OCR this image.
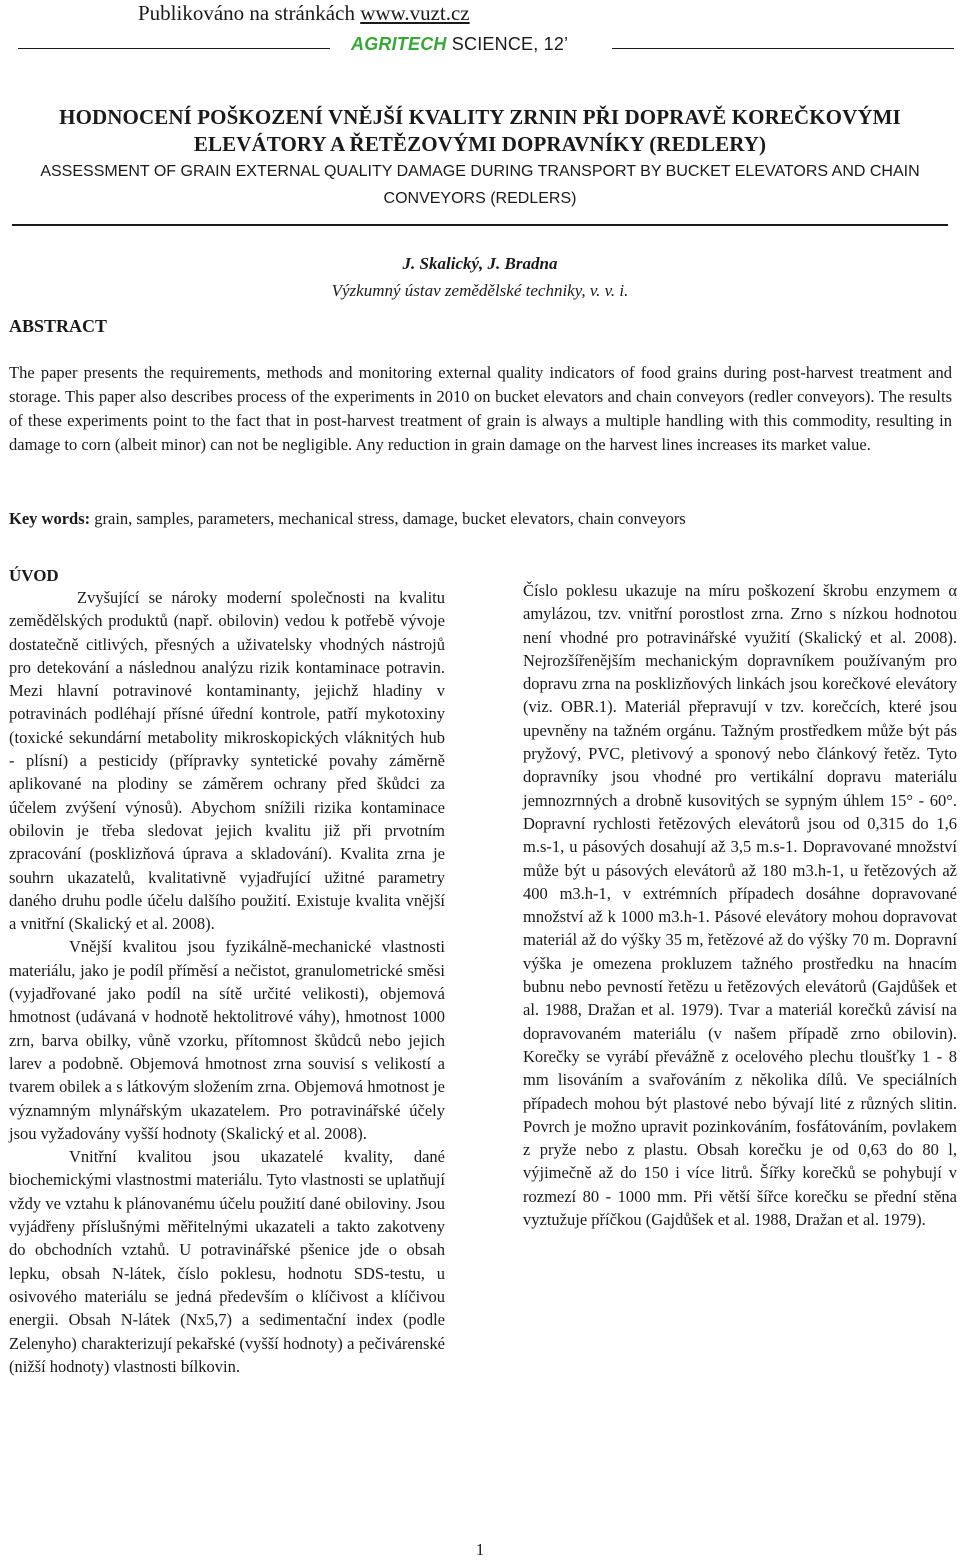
Publikováno na stránkách www.vuzt.cz
AGRITECH SCIENCE, 12’

HODNOCENÍ POŠKOZENÍ VNĚJŠÍ KVALITY ZRNIN PŘI DOPRAVĚ KOREČKOVÝMI

ELEVÁTORY A ŘETĚZOVÝMI DOPRAVNÍKY (REDLERY)

ASSESSMENT OF GRAIN EXTERNAL QUALITY DAMAGE DURING TRANSPORT BY BUCKET ELEVATORS AND CHAIN CONVEYORS (REDLERS)

J. Skalický, J. Bradna
Výzkumný ústav zemědělské techniky, v. v. i.
ABSTRACT

The paper presents the requirements, methods and monitoring external quality indicators of food grains during post-harvest treatment and storage. This paper also describes process of the experiments in 2010 on bucket elevators and chain conveyors (redler conveyors). The results of these experiments point to the fact that in post-harvest treatment of grain is always a multiple handling with this commodity, resulting in damage to corn (albeit minor) can not be negligible. Any reduction in grain damage on the harvest lines increases its market value.

Key words: grain, samples, parameters, mechanical stress, damage, bucket elevators, chain conveyors

ÚVOD

Zvyšující se nároky moderní společnosti na kvalitu zemědělských produktů (např. obilovin) vedou k potřebě vývoje dostatečně citlivých, přesných a uživatelsky vhodných nástrojů pro detekování a následnou analýzu rizik kontaminace potravin. Mezi hlavní potravinové kontaminanty, jejichž hladiny v potravinách podléhají přísné úřední kontrole, patří mykotoxiny (toxické sekundární metabolity mikroskopických vláknitých hub - plísní) a pesticidy (přípravky syntetické povahy záměrně aplikované na plodiny se záměrem ochrany před škůdci za účelem zvýšení výnosů). Abychom snížili rizika kontaminace obilovin je třeba sledovat jejich kvalitu již při prvotním zpracování (posklizňová úprava a skladování). Kvalita zrna je souhrn ukazatelů, kvalitativně vyjadřující užitné parametry daného druhu podle účelu dalšího použití. Existuje kvalita vnější a vnitřní (Skalický et al. 2008).

Vnější kvalitou jsou fyzikálně-mechanické vlastnosti materiálu, jako je podíl příměsí a nečistot, granulometrické směsi (vyjadřované jako podíl na sítě určité velikosti), objemová hmotnost (udávaná v hodnotě hektolitrové váhy), hmotnost 1000 zrn, barva obilky, vůně vzorku, přítomnost škůdců nebo jejich larev a podobně. Objemová hmotnost zrna souvisí s velikostí a tvarem obilek a s látkovým složením zrna. Objemová hmotnost je významným mlynářským ukazatelem. Pro potravinářské účely jsou vyžadovány vyšší hodnoty (Skalický et al. 2008).

Vnitřní kvalitou jsou ukazatelé kvality, dané biochemickými vlastnostmi materiálu. Tyto vlastnosti se uplatňují vždy ve vztahu k plánovanému účelu použití dané obiloviny. Jsou vyjádřeny příslušnými měřitelnými ukazateli a takto zakotveny do obchodních vztahů. U potravinářské pšenice jde o obsah lepku, obsah N-látek, číslo poklesu, hodnotu SDS-testu, u osivového materiálu se jedná především o klíčivost a klíčivou energii. Obsah N-látek (Nx5,7) a sedimentační index (podle Zelenyho) charakterizují pekařské (vyšší hodnoty) a pečivárenské (nižší hodnoty) vlastnosti bílkovin.

Číslo poklesu ukazuje na míru poškození škrobu enzymem α amylázou, tzv. vnitřní porostlost zrna. Zrno s nízkou hodnotou není vhodné pro potravinářské využití (Skalický et al. 2008). Nejrozšířenějším mechanickým dopravníkem používaným pro dopravu zrna na posklizňových linkách jsou korečkové elevátory (viz. OBR.1). Materiál přepravují v tzv. korečcích, které jsou upevněny na tažném orgánu. Tažným prostředkem může být pás pryžový, PVC, pletivový a sponový nebo článkový řetěz. Tyto dopravníky jsou vhodné pro vertikální dopravu materiálu jemnozrnných a drobně kusovitých se sypným úhlem 15° - 60°. Dopravní rychlosti řetězových elevátorů jsou od 0,315 do 1,6 m.s-1, u pásových dosahují až 3,5 m.s-1. Dopravované množství může být u pásových elevátorů až 180 m3.h-1, u řetězových až 400 m3.h-1, v extrémních případech dosáhne dopravované množství až k 1000 m3.h-1. Pásové elevátory mohou dopravovat materiál až do výšky 35 m, řetězové až do výšky 70 m. Dopravní výška je omezena prokluzem tažného prostředku na hnacím bubnu nebo pevností řetězu u řetězových elevátorů (Gajdůšek et al. 1988, Dražan et al. 1979). Tvar a materiál korečků závisí na dopravovaném materiálu (v našem případě zrno obilovin). Korečky se vyrábí převážně z ocelového plechu tloušťky 1 - 8 mm lisováním a svařováním z několika dílů. Ve speciálních případech mohou být plastové nebo bývají lité z různých slitin. Povrch je možno upravit pozinkováním, fosfátováním, povlakem z pryže nebo z plastu. Obsah korečku je od 0,63 do 80 l, výjimečně až do 150 i více litrů. Šířky korečků se pohybují v rozmezí 80 - 1000 mm. Při větší šířce korečku se přední stěna vyztužuje příčkou (Gajdůšek et al. 1988, Dražan et al. 1979).

1
